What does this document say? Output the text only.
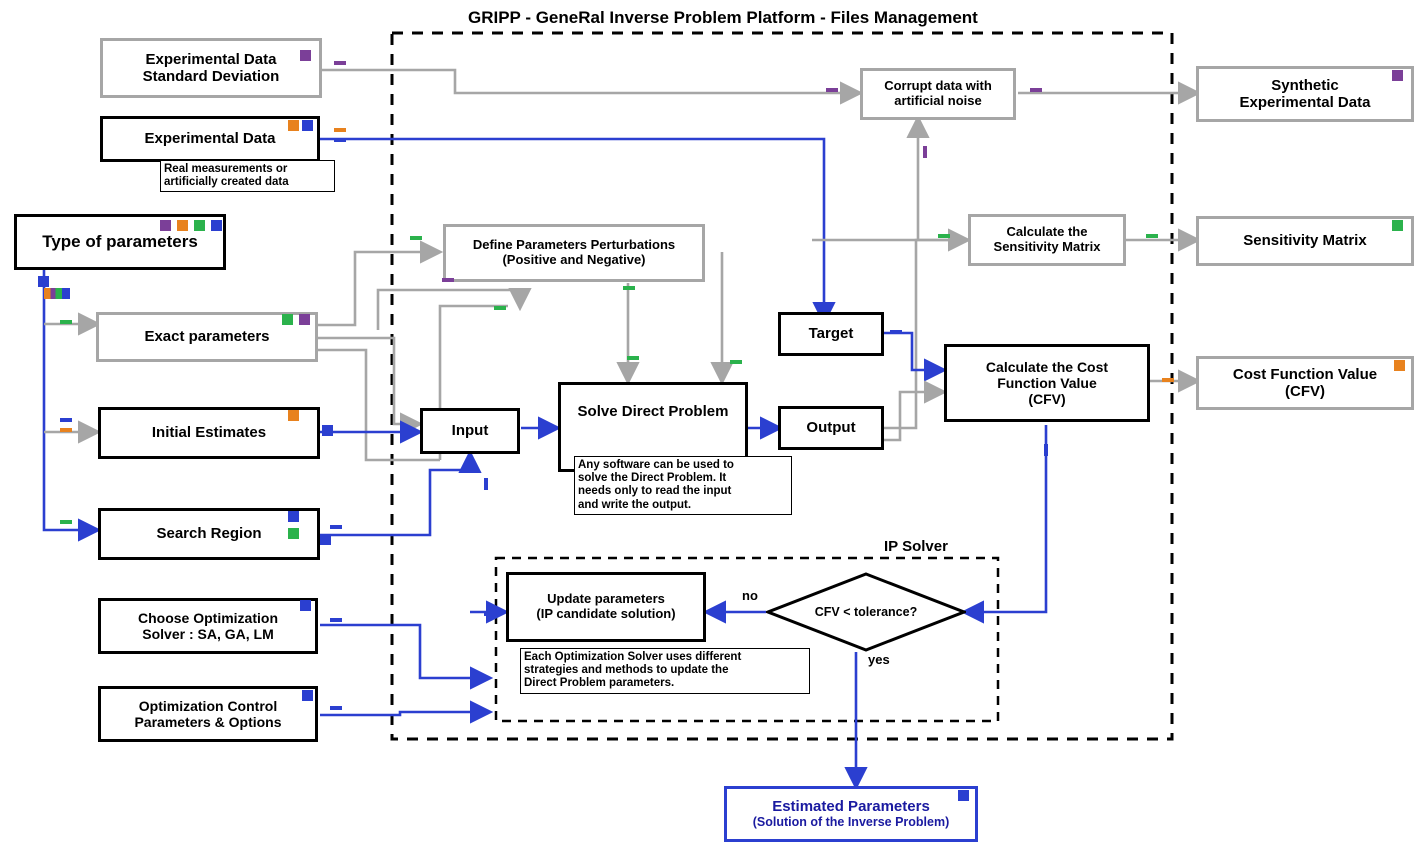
GRIPP - GeneRal Inverse Problem Platform - Files Management
Experimental Data
Standard Deviation
Experimental Data
Real measurements or
artificially created data
Type of parameters
Exact parameters
Initial Estimates
Search Region
Choose Optimization
Solver : SA, GA, LM
Optimization Control
Parameters & Options
Define Parameters Perturbations
(Positive and Negative)
Corrupt data with
artificial noise
Synthetic
Experimental Data
Calculate the
Sensitivity Matrix	Sensitivity Matrix
Target
Input
Solve Direct Problem
Any software can be used to
solve the Direct Problem. It
needs only to read the input
and write the output.
Output
Calculate the Cost
Function Value
(CFV)
Cost Function Value
(CFV)
IP Solver
Update parameters
(IP candidate solution)
Each Optimization Solver uses different
strategies and methods to update the
Direct Problem parameters.
CFV < tolerance?
no
yes
Estimated Parameters
(Solution of the Inverse Problem)
